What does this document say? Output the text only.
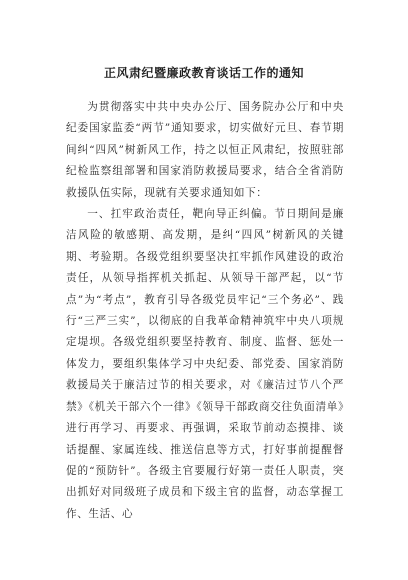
正风肃纪暨廉政教育谈话工作的通知

为贯彻落实中共中央办公厅、国务院办公厅和中央纪委国家监委“两节”通知要求，切实做好元旦、春节期间纠“四风”树新风工作，持之以恒正风肃纪，按照驻部纪检监察组部署和国家消防救援局要求，结合全省消防救援队伍实际，现就有关要求通知如下：

一、扛牢政治责任，靶向导正纠偏。节日期间是廉洁风险的敏感期、高发期，是纠“四风”树新风的关键期、考验期。各级党组织要坚决扛牢抓作风建设的政治责任，从领导指挥机关抓起、从领导干部严起，以“节点”为“考点”，教育引导各级党员牢记“三个务必”、践行“三严三实”，以彻底的自我革命精神筑牢中央八项规定堤坝。各级党组织要坚持教育、制度、监督、惩处一体发力，要组织集体学习中央纪委、部党委、国家消防救援局关于廉洁过节的相关要求，对《廉洁过节八个严禁》《机关干部六个一律》《领导干部政商交往负面清单》进行再学习、再要求、再强调，采取节前动态摸排、谈话提醒、家属连线、推送信息等方式，打好事前提醒督促的“预防针”。各级主官要履行好第一责任人职责，突出抓好对同级班子成员和下级主官的监督，动态掌握工作、生活、心
